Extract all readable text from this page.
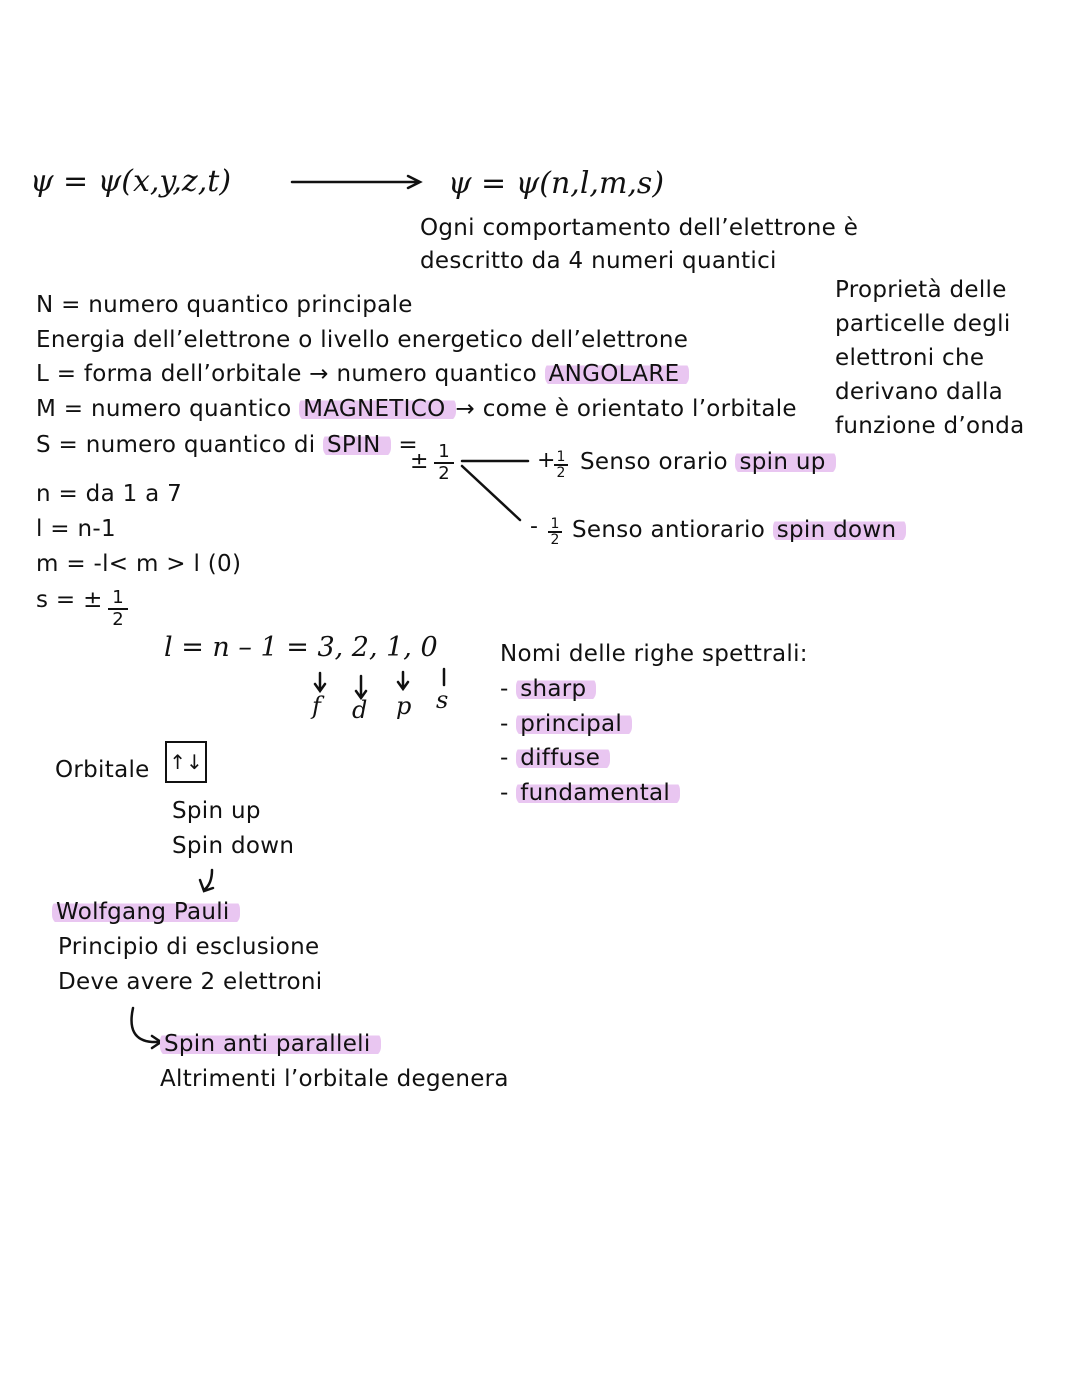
ψ = ψ(x,y,z,t)	ψ = ψ(n,l,m,s)
Ogni comportamento dell’elettrone è
descritto da 4 numeri quantici
Proprietà delle
particelle degli
elettroni che
derivano dalla
funzione d’onda
N = numero quantico principale
Energia dell’elettrone o livello energetico dell’elettrone
L = forma dell’orbitale → numero quantico ANGOLARE
M = numero quantico MAGNETICO → come è orientato l’orbitale
S = numero quantico di SPIN =
± 1
2
+ 1
2 Senso orario spin up
- 1
2 Senso antiorario spin down
n = da 1 a 7
l = n-1
m = -l< m > l (0)
s = ± 1
2
l = n – 1 = 3, 2, 1, 0
f d p s
Nomi delle righe spettrali:
- sharp
- principal
- diffuse
- fundamental
Orbitale ↑↓
Spin up
Spin down
Wolfgang Pauli
Principio di esclusione
Deve avere 2 elettroni
Spin anti paralleli
Altrimenti l’orbitale degenera
